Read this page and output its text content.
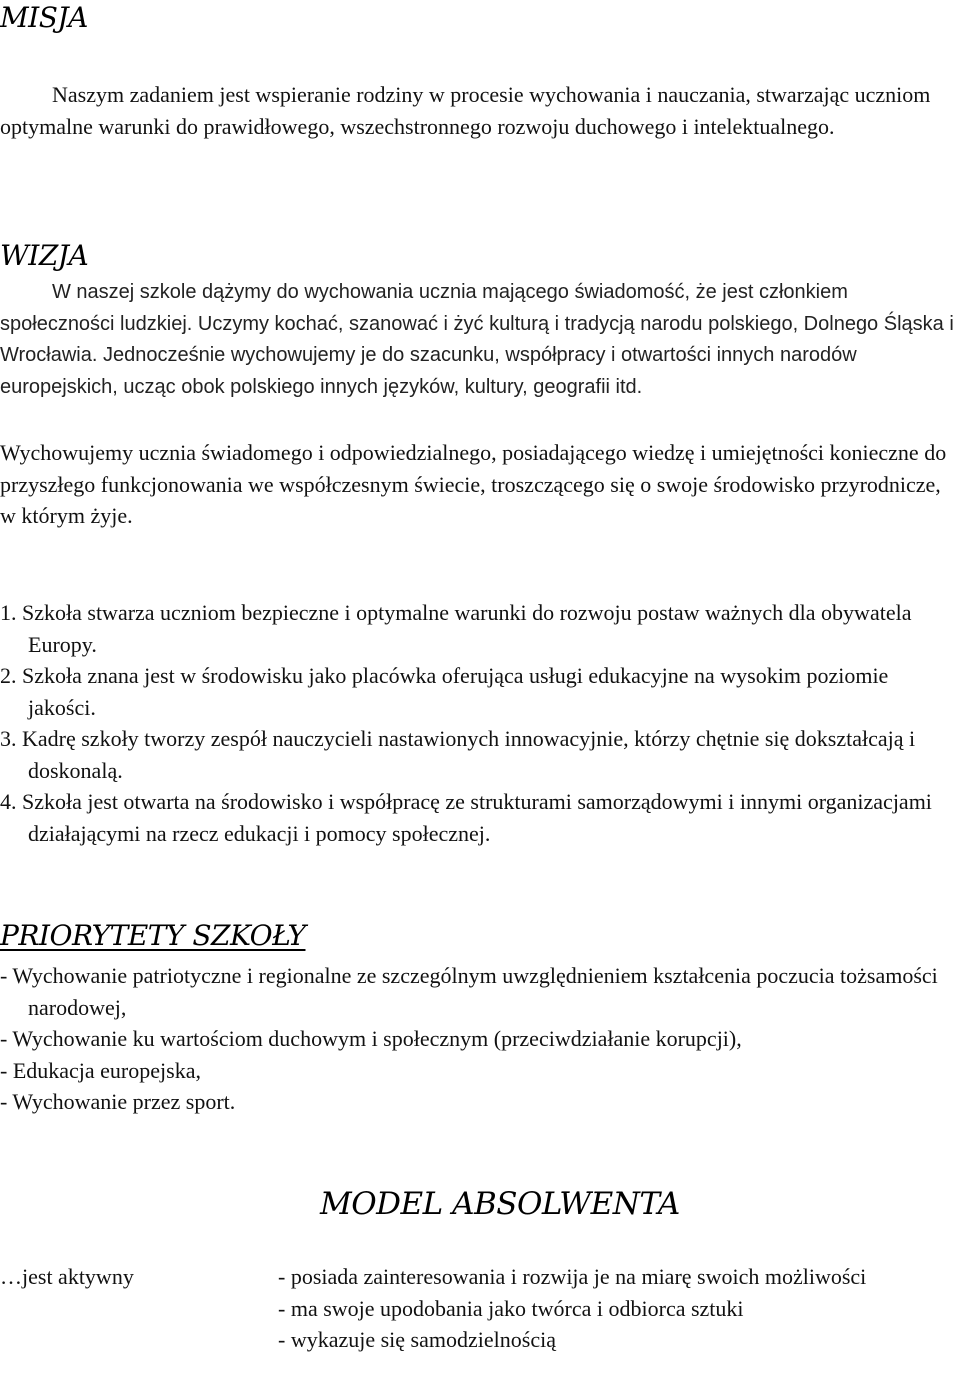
MISJA

Naszym zadaniem jest wspieranie rodziny w procesie wychowania i nauczania, stwarzając uczniom optymalne warunki do prawidłowego, wszechstronnego rozwoju duchowego i intelektualnego.

WIZJA

W naszej szkole dążymy do wychowania ucznia mającego świadomość, że jest członkiem społeczności ludzkiej. Uczymy kochać, szanować i żyć kulturą i tradycją narodu polskiego, Dolnego Śląska i Wrocławia. Jednocześnie wychowujemy je do szacunku, współpracy i otwartości innych narodów europejskich, ucząc obok polskiego innych języków, kultury, geografii itd.

Wychowujemy ucznia świadomego i odpowiedzialnego, posiadającego wiedzę i umiejętności konieczne do przyszłego funkcjonowania we współczesnym świecie, troszczącego się o swoje środowisko przyrodnicze, w którym żyje.

1. Szkoła stwarza uczniom bezpieczne i optymalne warunki do rozwoju postaw ważnych dla obywatela Europy.

2. Szkoła znana jest w środowisku jako placówka oferująca usługi edukacyjne na wysokim poziomie jakości.

3. Kadrę szkoły tworzy zespół nauczycieli nastawionych innowacyjnie, którzy chętnie się dokształcają i doskonalą.

4. Szkoła jest otwarta na środowisko i współpracę ze strukturami samorządowymi i innymi organizacjami działającymi na rzecz edukacji i pomocy społecznej.

PRIORYTETY SZKOŁY

- Wychowanie patriotyczne i regionalne ze szczególnym uwzględnieniem kształcenia poczucia tożsamości narodowej,

- Wychowanie ku wartościom duchowym i społecznym (przeciwdziałanie korupcji),

- Edukacja europejska,

- Wychowanie przez sport.

MODEL ABSOLWENTA
…jest aktywny	- posiada zainteresowania i rozwija je na miarę swoich możliwości

- ma swoje upodobania jako twórca i odbiorca sztuki

- wykazuje się samodzielnością
